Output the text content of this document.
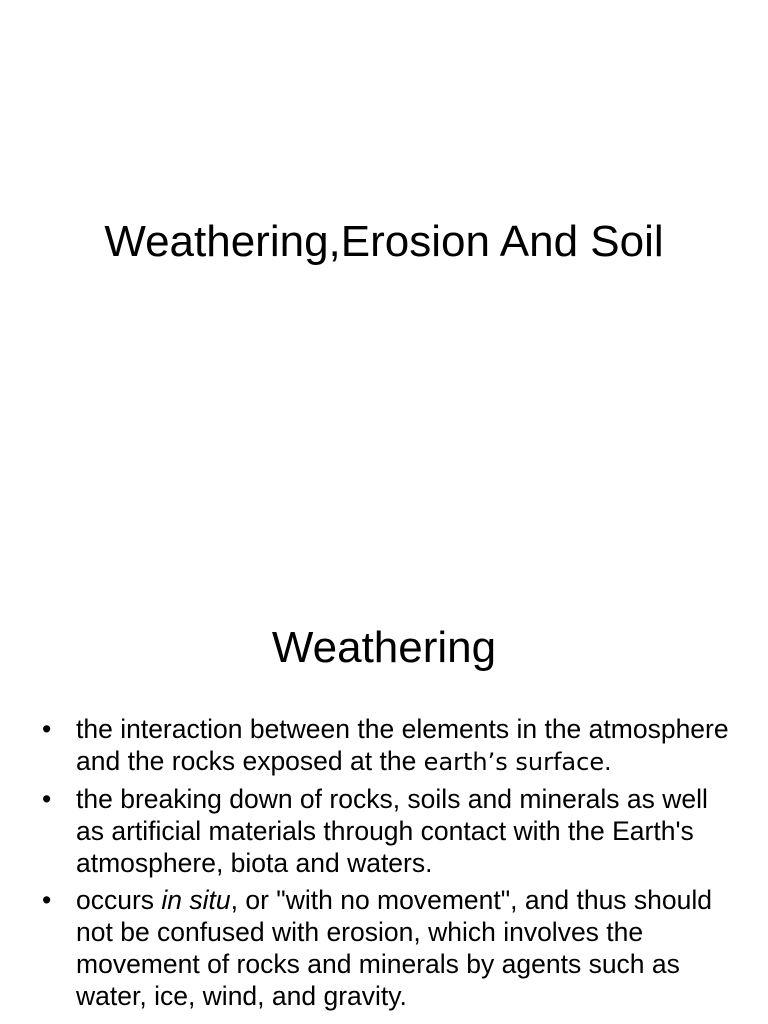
Weathering,Erosion And Soil
Weathering
• the interaction between the elements in the atmosphere and the rocks exposed at the earth’s surface.
• the breaking down of rocks, soils and minerals as well as artificial materials through contact with the Earth's atmosphere, biota and waters.
• occurs in situ, or "with no movement", and thus should not be confused with erosion, which involves the movement of rocks and minerals by agents such as water, ice, wind, and gravity.
